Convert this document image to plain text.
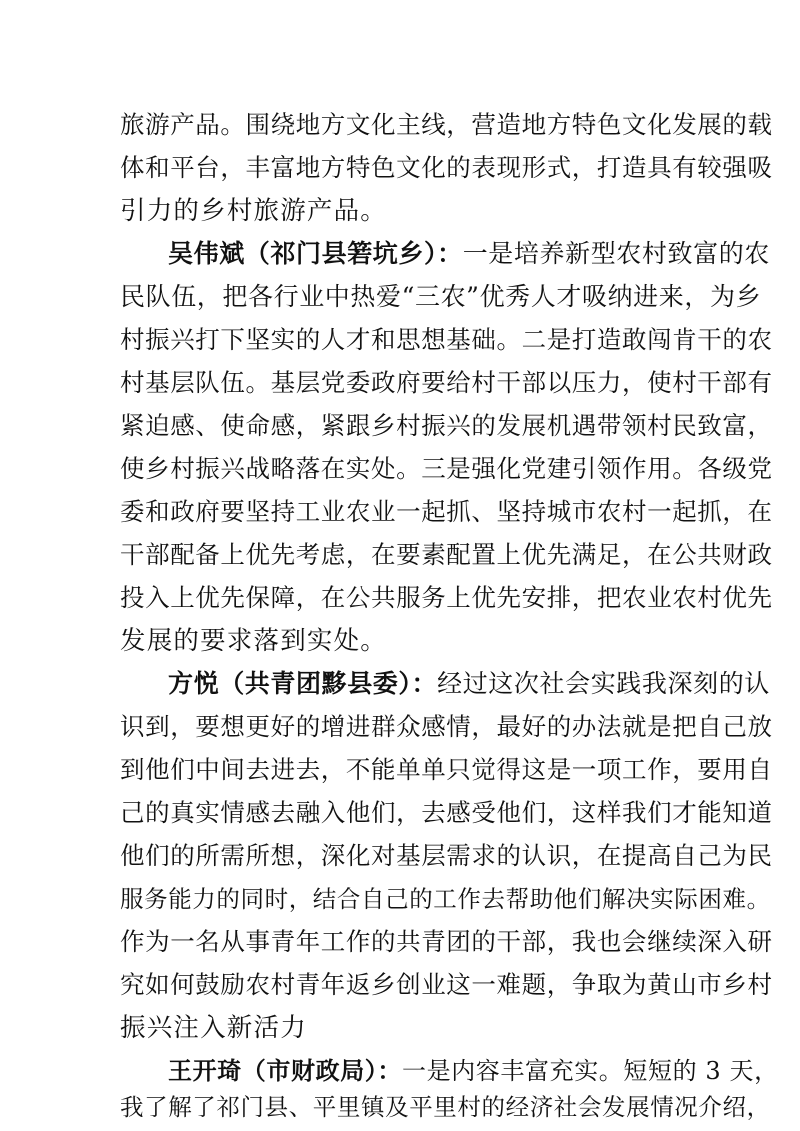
旅游产品。围绕地方文化主线，营造地方特色文化发展的载
体和平台，丰富地方特色文化的表现形式，打造具有较强吸
引力的乡村旅游产品。
吴伟斌（祁门县箬坑乡）：一是培养新型农村致富的农
民队伍，把各行业中热爱“三农”优秀人才吸纳进来，为乡
村振兴打下坚实的人才和思想基础。二是打造敢闯肯干的农
村基层队伍。基层党委政府要给村干部以压力，使村干部有
紧迫感、使命感，紧跟乡村振兴的发展机遇带领村民致富，
使乡村振兴战略落在实处。三是强化党建引领作用。各级党
委和政府要坚持工业农业一起抓、坚持城市农村一起抓，在
干部配备上优先考虑，在要素配置上优先满足，在公共财政
投入上优先保障，在公共服务上优先安排，把农业农村优先
发展的要求落到实处。
方悦（共青团黟县委）：经过这次社会实践我深刻的认
识到，要想更好的增进群众感情，最好的办法就是把自己放
到他们中间去进去，不能单单只觉得这是一项工作，要用自
己的真实情感去融入他们，去感受他们，这样我们才能知道
他们的所需所想，深化对基层需求的认识，在提高自己为民
服务能力的同时，结合自己的工作去帮助他们解决实际困难。
作为一名从事青年工作的共青团的干部，我也会继续深入研
究如何鼓励农村青年返乡创业这一难题，争取为黄山市乡村
振兴注入新活力
王开琦（市财政局）：一是内容丰富充实。短短的 3 天，
我了解了祁门县、平里镇及平里村的经济社会发展情况介绍，
